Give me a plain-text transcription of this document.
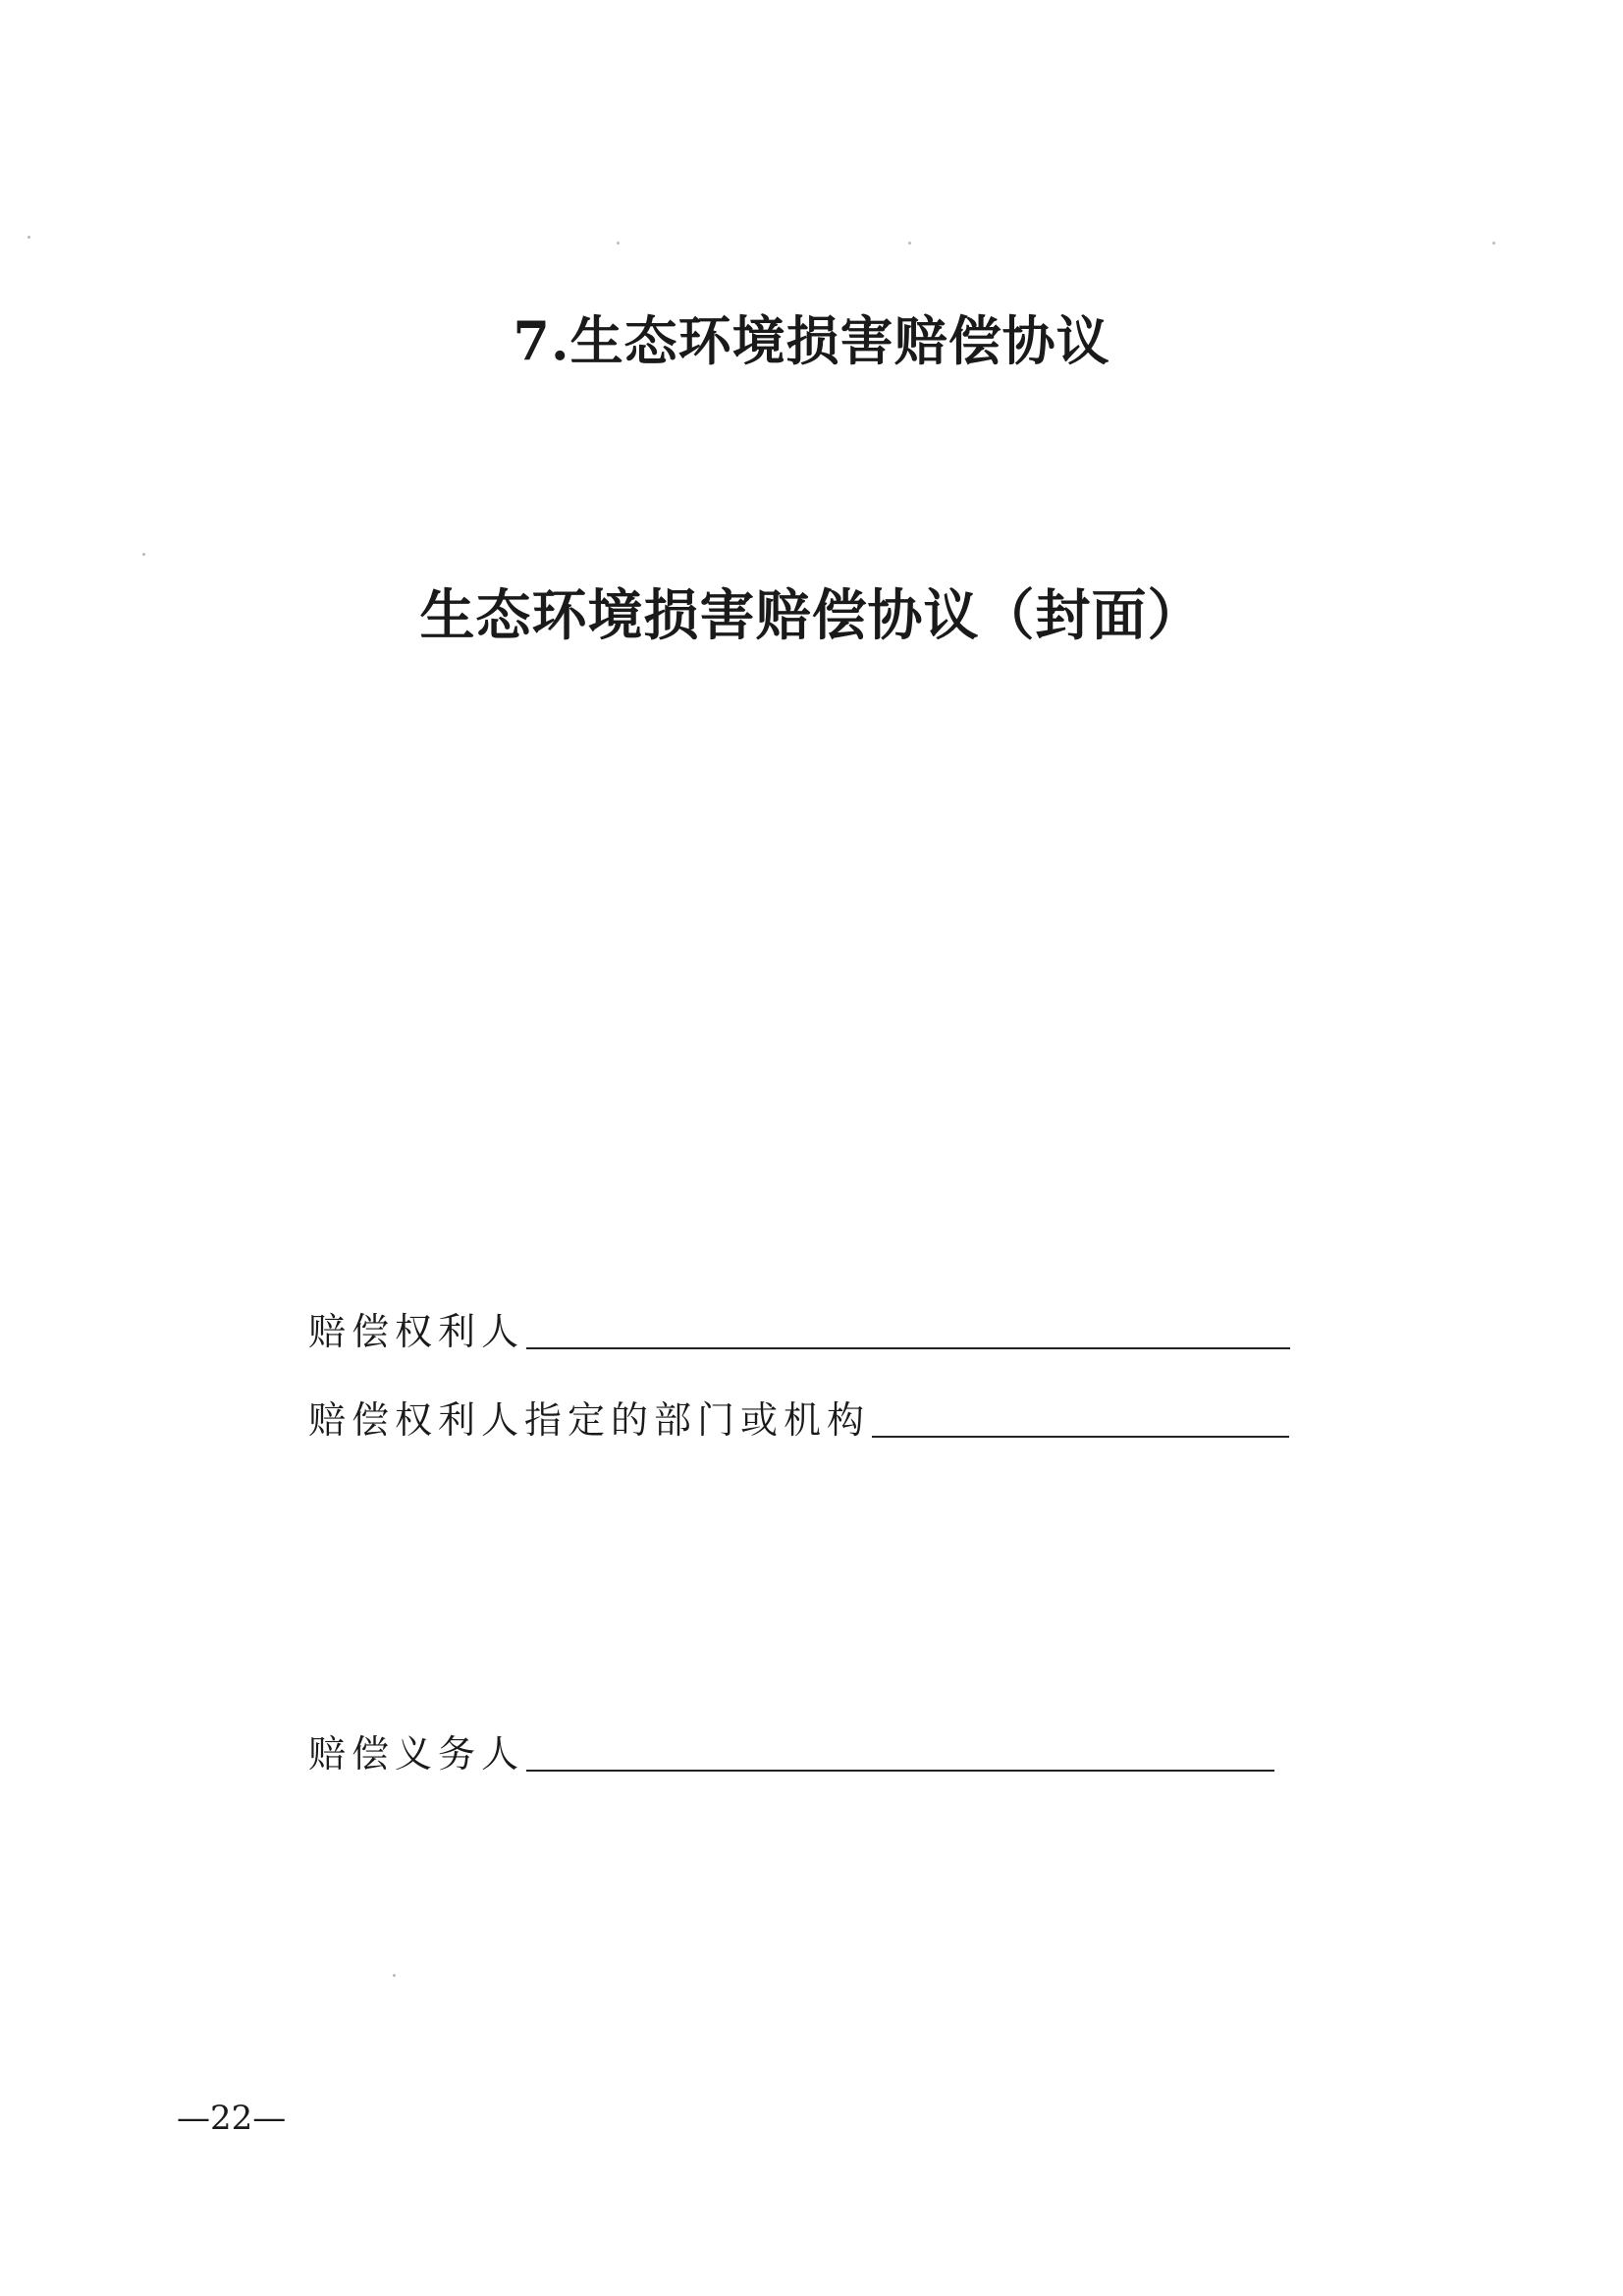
7.生态环境损害赔偿协议
生态环境损害赔偿协议（封面）
赔偿权利人
赔偿权利人指定的部门或机构
赔偿义务人
—22—
